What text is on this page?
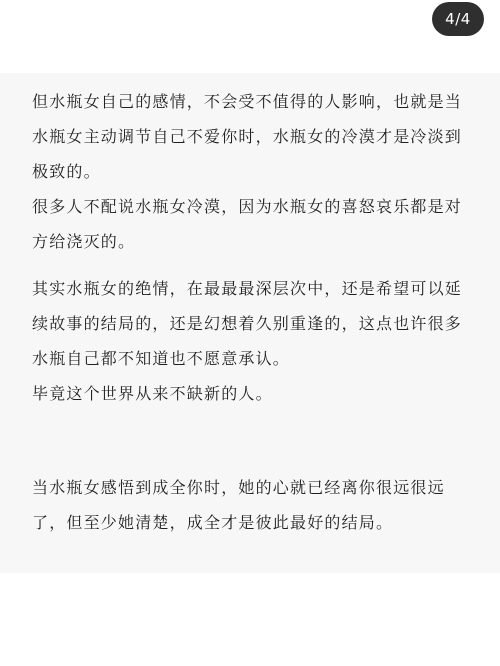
4/4
但水瓶女自己的感情，不会受不值得的人影响，也就是当水瓶女主动调节自己不爱你时，水瓶女的冷漠才是冷淡到极致的。
很多人不配说水瓶女冷漠，因为水瓶女的喜怒哀乐都是对方给浇灭的。
其实水瓶女的绝情，在最最最深层次中，还是希望可以延续故事的结局的，还是幻想着久别重逢的，这点也许很多水瓶自己都不知道也不愿意承认。
毕竟这个世界从来不缺新的人。
当水瓶女感悟到成全你时，她的心就已经离你很远很远了，但至少她清楚，成全才是彼此最好的结局。
